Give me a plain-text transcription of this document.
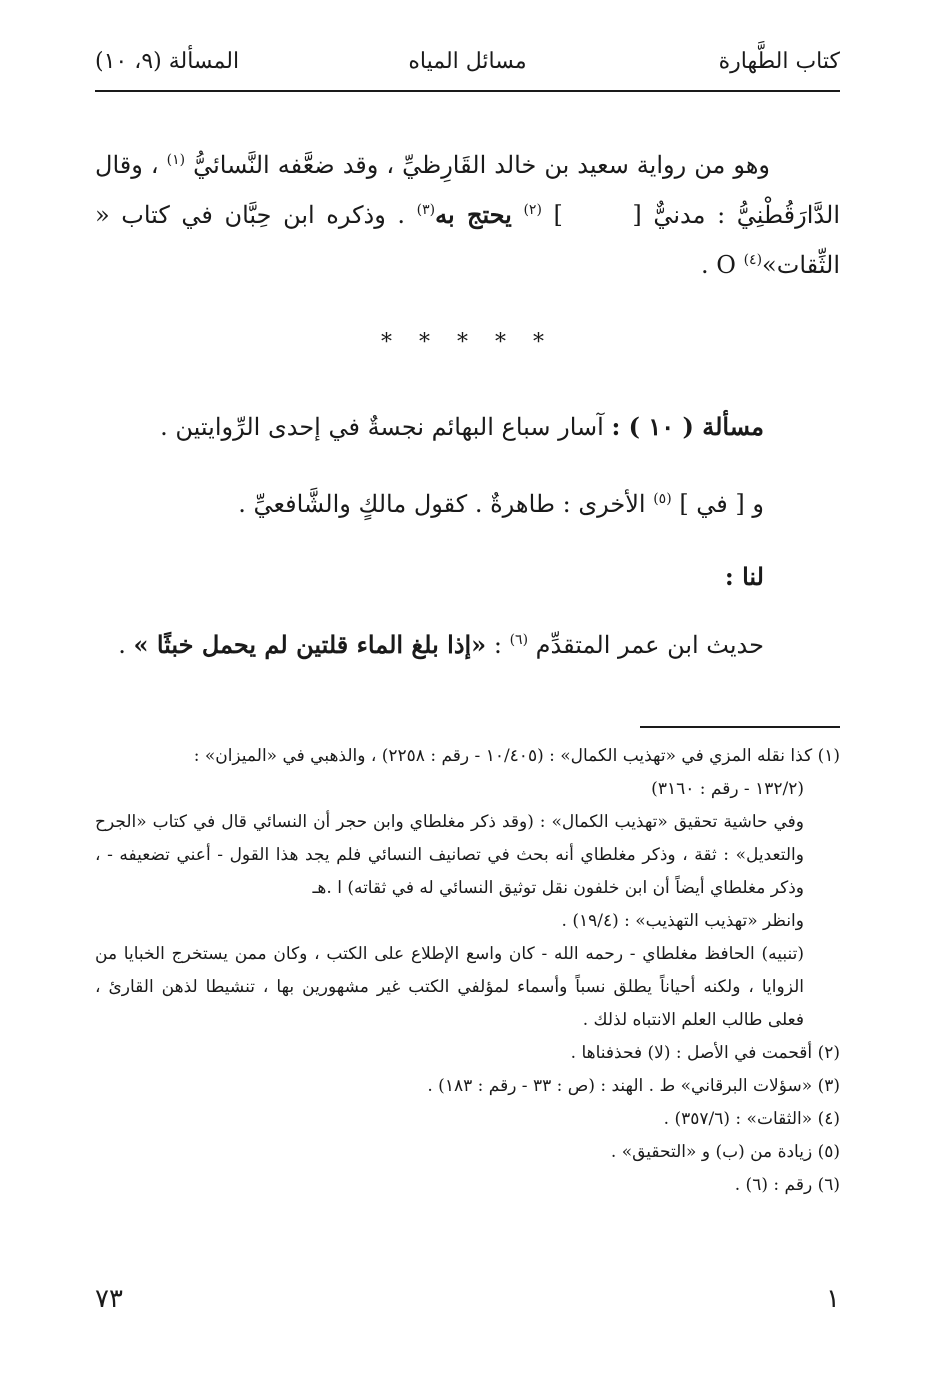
كتاب الطَّهارة
مسائل المياه
المسألة (٩، ١٠)

وهو من رواية سعيد بن خالد القَارِظيِّ ، وقد ضعَّفه النَّسائيُّ $^{(١)}$ ، وقال الدَّارَقُطْنِيُّ : مدنيٌّ [      ] $^{(٢)}$ يحتج به$^{(٣)}$ . وذكره ابن حِبَّان في كتاب « الثِّقات»$^{(٤)}$ O .

* * * * *

مسألة ( ١٠ ) : آسار سباع البهائم نجسةٌ في إحدى الرِّوايتين .

و [ في ] $^{(٥)}$ الأخرى : طاهرةٌ . كقول مالكٍ والشَّافعيِّ .

لنا :

حديث ابن عمر المتقدِّم $^{(٦)}$ : «إذا بلغ الماء قلتين لم يحمل خبثًا » .

(١) كذا نقله المزي في «تهذيب الكمال» : (١٠/٤٠٥ - رقم : ٢٢٥٨) ، والذهبي في «الميزان» :

(١٣٢/٢ - رقم : ٣١٦٠)

وفي حاشية تحقيق «تهذيب الكمال» : (وقد ذكر مغلطاي وابن حجر أن النسائي قال في كتاب «الجرح والتعديل» : ثقة ، وذكر مغلطاي أنه بحث في تصانيف النسائي فلم يجد هذا القول - أعني تضعيفه - ، وذكر مغلطاي أيضاً أن ابن خلفون نقل توثيق النسائي له في ثقاته) ا .هـ

وانظر «تهذيب التهذيب» : (١٩/٤) .

(تنبيه) الحافظ مغلطاي - رحمه الله - كان واسع الإطلاع على الكتب ، وكان ممن يستخرج الخبايا من الزوايا ، ولكنه أحياناً يطلق نسباً وأسماء لمؤلفي الكتب غير مشهورين بها ، تنشيطا لذهن القارئ ، فعلى طالب العلم الانتباه لذلك .

(٢) أقحمت في الأصل : (لا) فحذفناها .

(٣) «سؤلات البرقاني» ط . الهند : (ص : ٣٣ - رقم : ١٨٣) .

(٤) «الثقات» : (٣٥٧/٦) .

(٥) زيادة من (ب) و «التحقيق» .

(٦) رقم : (٦) .

٧٣	١
